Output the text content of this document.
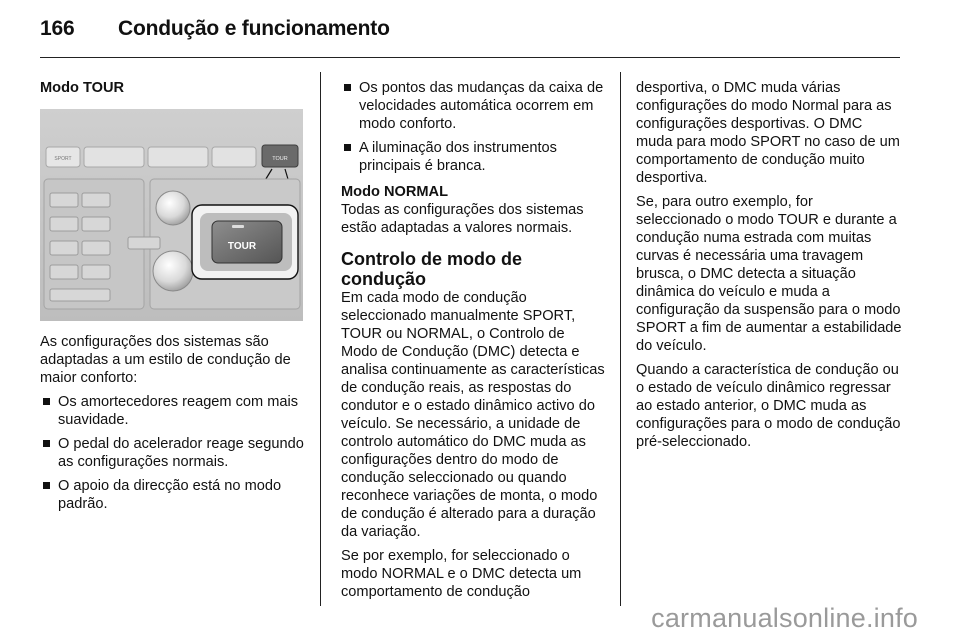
166 Condução e funcionamento
Modo TOUR
SPORT	TOUR
TOUR

As configurações dos sistemas são adaptadas a um estilo de condução de maior conforto:

Os amortecedores reagem com mais suavidade.
O pedal do acelerador reage segundo as configurações normais.
O apoio da direcção está no modo padrão.
Os pontos das mudanças da caixa de velocidades automática ocorrem em modo conforto.
A iluminação dos instrumentos principais é branca.
Modo NORMAL

Todas as configurações dos sistemas estão adaptadas a valores normais.

Controlo de modo de condução

Em cada modo de condução seleccionado manualmente SPORT, TOUR ou NORMAL, o Controlo de Modo de Condução (DMC) detecta e analisa continuamente as características de condução reais, as respostas do condutor e o estado dinâmico activo do veículo. Se necessário, a unidade de controlo automático do DMC muda as configurações dentro do modo de condução seleccionado ou quando reconhece variações de monta, o modo de condução é alterado para a duração da variação.

Se por exemplo, for seleccionado o modo NORMAL e o DMC detecta um comportamento de condução

desportiva, o DMC muda várias configurações do modo Normal para as configurações desportivas. O DMC muda para modo SPORT no caso de um comportamento de condução muito desportiva.

Se, para outro exemplo, for seleccionado o modo TOUR e durante a condução numa estrada com muitas curvas é necessária uma travagem brusca, o DMC detecta a situação dinâmica do veículo e muda a configuração da suspensão para o modo SPORT a fim de aumentar a estabilidade do veículo.

Quando a característica de condução ou o estado de veículo dinâmico regressar ao estado anterior, o DMC muda as configurações para o modo de condução pré-seleccionado.

carmanualsonline.info
